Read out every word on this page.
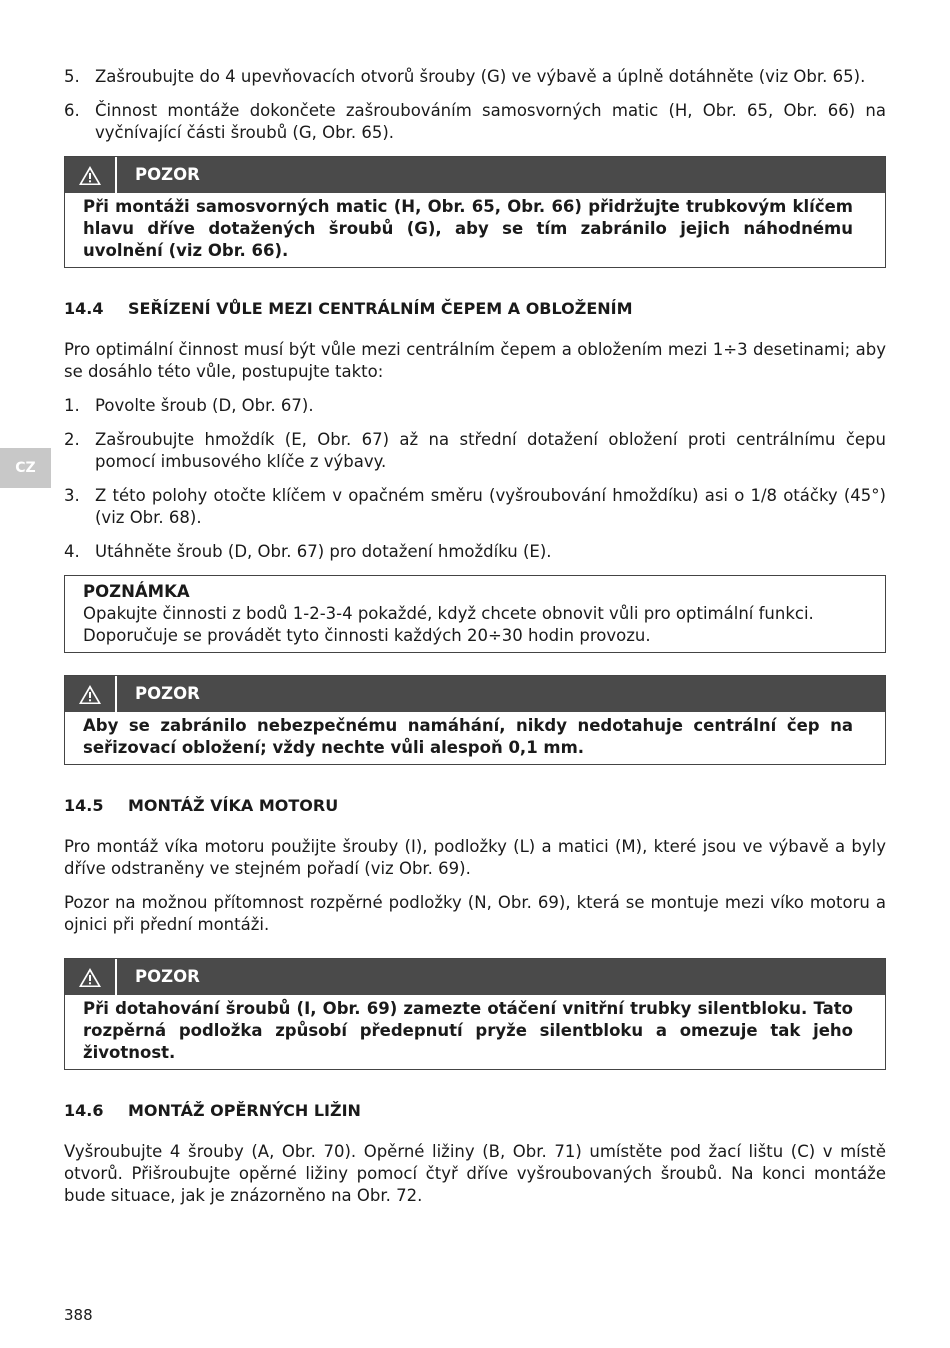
CZ
5. Zašroubujte do 4 upevňovacích otvorů šrouby (G) ve výbavě a úplně dotáhněte (viz Obr. 65).
6. Činnost montáže dokončete zašroubováním samosvorných matic (H, Obr. 65, Obr. 66) na vyčnívající části šroubů (G, Obr. 65).
POZOR
Při montáži samosvorných matic (H, Obr. 65, Obr. 66) přidržujte trubkovým klíčem hlavu dříve dotažených šroubů (G), aby se tím zabránilo jejich náhodnému uvolnění (viz Obr. 66).
14.4	SEŘÍZENÍ VŮLE MEZI CENTRÁLNÍM ČEPEM A OBLOŽENÍM

Pro optimální činnost musí být vůle mezi centrálním čepem a obložením mezi 1÷3 desetinami; aby se dosáhlo této vůle, postupujte takto:

1. Povolte šroub (D, Obr. 67).
2. Zašroubujte hmoždík (E, Obr. 67) až na střední dotažení obložení proti centrálnímu čepu pomocí imbusového klíče z výbavy.
3. Z této polohy otočte klíčem v opačném směru (vyšroubování hmoždíku) asi o 1/8 otáčky (45°) (viz Obr. 68).
4. Utáhněte šroub (D, Obr. 67) pro dotažení hmoždíku (E).
POZNÁMKA
Opakujte činnosti z bodů 1-2-3-4 pokaždé, když chcete obnovit vůli pro optimální funkci. Doporučuje se provádět tyto činnosti každých 20÷30 hodin provozu.
POZOR
Aby se zabránilo nebezpečnému namáhání, nikdy nedotahuje centrální čep na seřizovací obložení; vždy nechte vůli alespoň 0,1 mm.
14.5	MONTÁŽ VÍKA MOTORU

Pro montáž víka motoru použijte šrouby (I), podložky (L) a matici (M), které jsou ve výbavě a byly dříve odstraněny ve stejném pořadí (viz Obr. 69).

Pozor na možnou přítomnost rozpěrné podložky (N, Obr. 69), která se montuje mezi víko motoru a ojnici při přední montáži.

POZOR
Při dotahování šroubů (I, Obr. 69) zamezte otáčení vnitřní trubky silentbloku. Tato rozpěrná podložka způsobí předepnutí pryže silentbloku a omezuje tak jeho životnost.
14.6	MONTÁŽ OPĚRNÝCH LIŽIN

Vyšroubujte 4 šrouby (A, Obr. 70). Opěrné ližiny (B, Obr. 71) umístěte pod žací lištu (C) v místě otvorů. Přišroubujte opěrné ližiny pomocí čtyř dříve vyšroubovaných šroubů. Na konci montáže bude situace, jak je znázorněno na Obr. 72.

388
